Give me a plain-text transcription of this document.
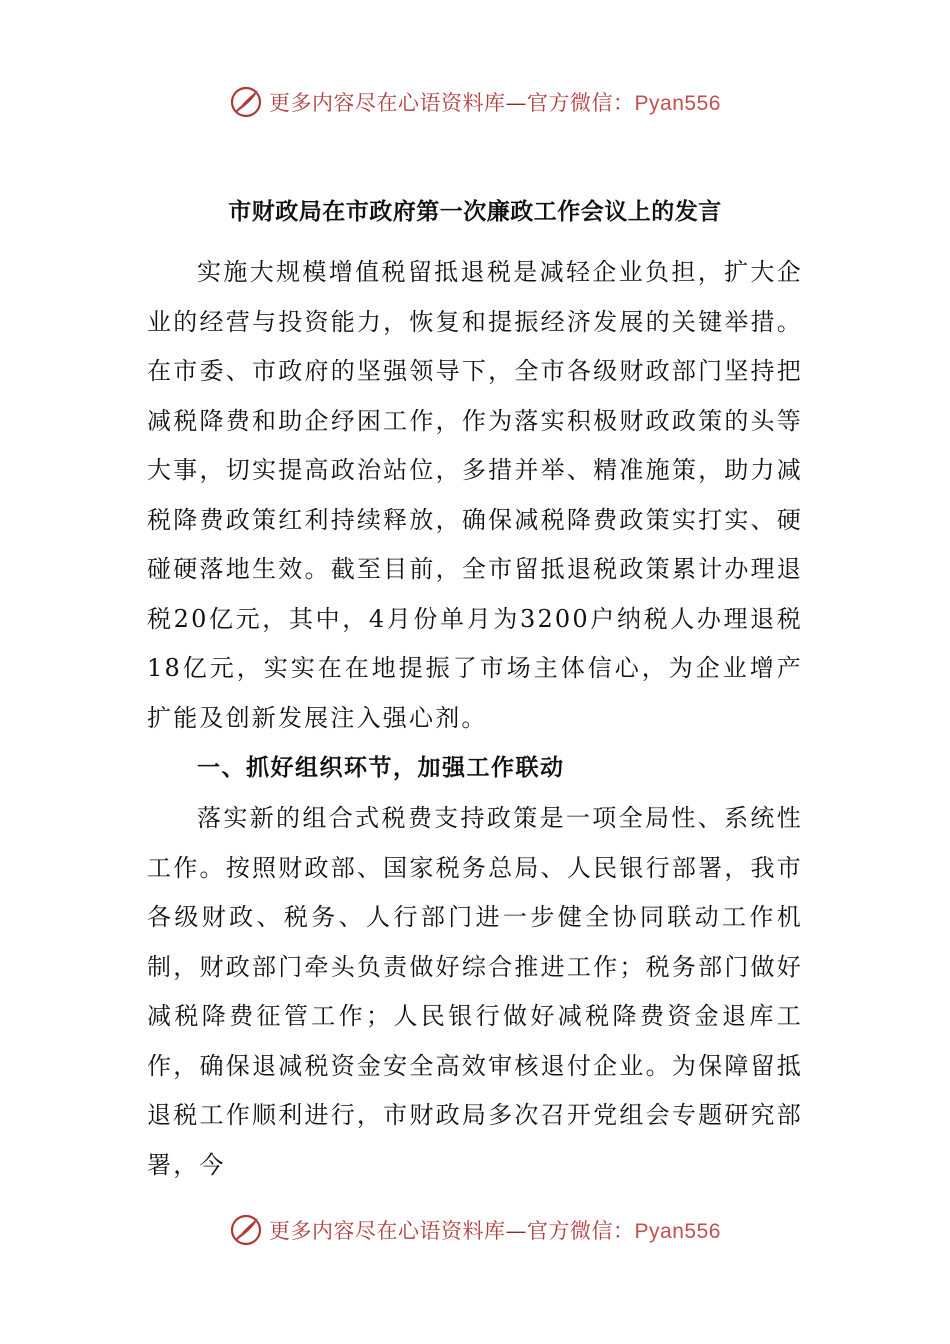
更多内容尽在心语资料库—官方微信：Pyan556
市财政局在市政府第一次廉政工作会议上的发言

实施大规模增值税留抵退税是减轻企业负担，扩大企业的经营与投资能力，恢复和提振经济发展的关键举措。在市委、市政府的坚强领导下，全市各级财政部门坚持把减税降费和助企纾困工作，作为落实积极财政政策的头等大事，切实提高政治站位，多措并举、精准施策，助力减税降费政策红利持续释放，确保减税降费政策实打实、硬碰硬落地生效。截至目前，全市留抵退税政策累计办理退税20亿元，其中，4月份单月为3200户纳税人办理退税18亿元，实实在在地提振了市场主体信心，为企业增产扩能及创新发展注入强心剂。

一、抓好组织环节，加强工作联动

落实新的组合式税费支持政策是一项全局性、系统性工作。按照财政部、国家税务总局、人民银行部署，我市各级财政、税务、人行部门进一步健全协同联动工作机制，财政部门牵头负责做好综合推进工作；税务部门做好减税降费征管工作；人民银行做好减税降费资金退库工作，确保退减税资金安全高效审核退付企业。为保障留抵退税工作顺利进行，市财政局多次召开党组会专题研究部署，今

更多内容尽在心语资料库—官方微信：Pyan556
